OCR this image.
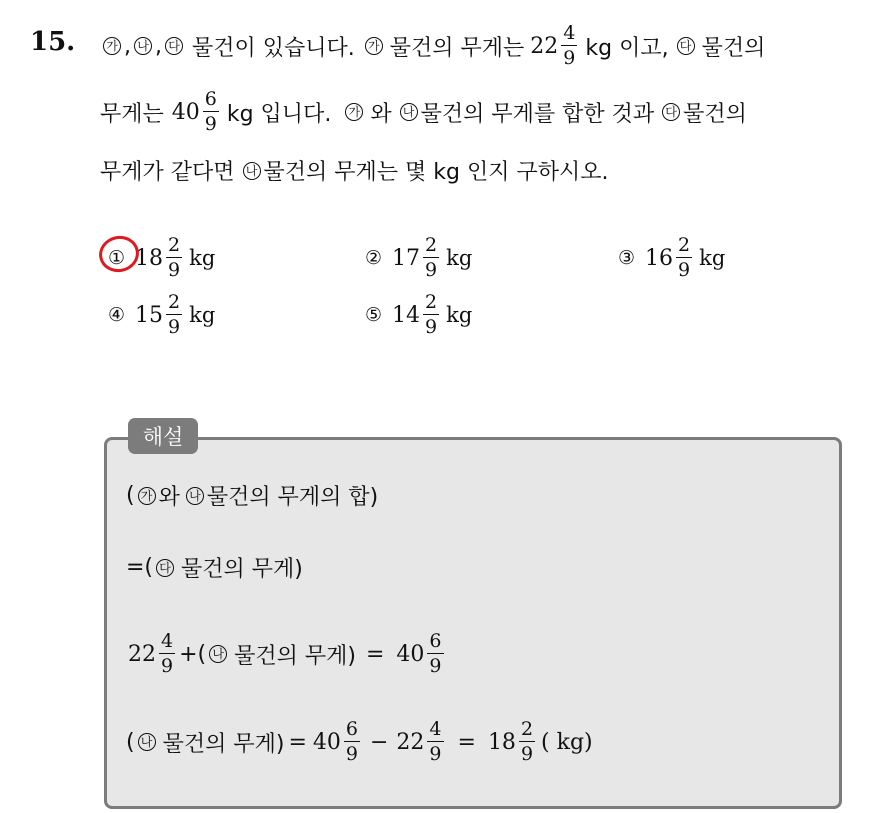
15.	가 , 나 , 다 물건이 있습니다. 가 물건의 무게는 $22 \frac{4}{9}$ kg 이고, 다 물건의
무게는 $40 \frac{6}{9}$ kg 입니다. 가 와 나 물건의 무게를 합한 것과 다 물건의
무게가 같다면 나 물건의 무게는 몇 kg 인지 구하시오.
① $18 \frac{2}{9}$ kg	② $17 \frac{2}{9}$ kg	③ $16 \frac{2}{9}$ kg
④ $15 \frac{2}{9}$ kg	⑤ $14 \frac{2}{9}$ kg
해설
( 가 와 나 물건의 무게의 합)
=( 다 물건의 무게)
$22 \frac{4}{9}$ +( 나 물건의 무게) = $40 \frac{6}{9}$
( 나 물건의 무게) = $40 \frac{6}{9} - 22 \frac{4}{9} = 18 \frac{2}{9}$ ( kg)
